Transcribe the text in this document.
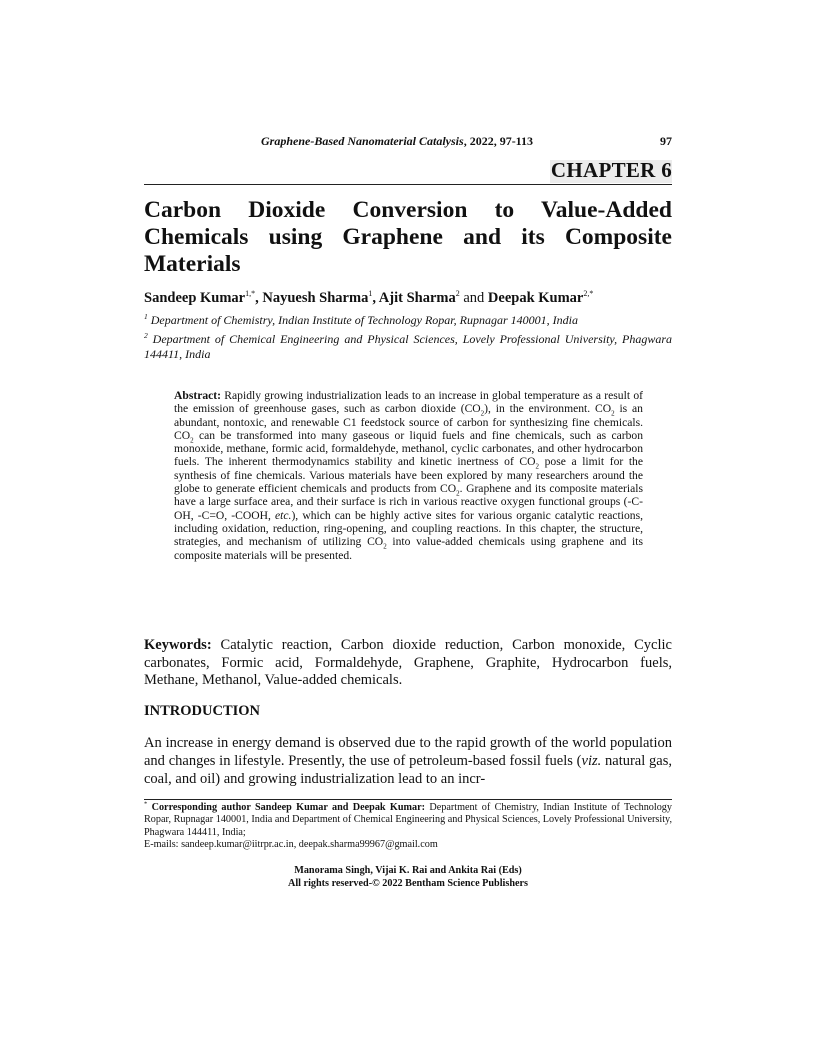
Graphene-Based Nanomaterial Catalysis, 2022, 97-113	97
CHAPTER 6
Carbon Dioxide Conversion to Value-Added Chemicals using Graphene and its Composite Materials
Sandeep Kumar$^{1,*}$, Nayuesh Sharma$^1$, Ajit Sharma$^2$ and Deepak Kumar$^{2,*}$
$^1$ Department of Chemistry, Indian Institute of Technology Ropar, Rupnagar 140001, India
$^2$ Department of Chemical Engineering and Physical Sciences, Lovely Professional University, Phagwara 144411, India
Abstract: Rapidly growing industrialization leads to an increase in global temperature as a result of the emission of greenhouse gases, such as carbon dioxide $(CO_2)$, in the environment. $CO_2$ is an abundant, nontoxic, and renewable C1 feedstock source of carbon for synthesizing fine chemicals. $CO_2$ can be transformed into many gaseous or liquid fuels and fine chemicals, such as carbon monoxide, methane, formic acid, formaldehyde, methanol, cyclic carbonates, and other hydrocarbon fuels. The inherent thermodynamics stability and kinetic inertness of $CO_2$ pose a limit for the synthesis of fine chemicals. Various materials have been explored by many researchers around the globe to generate efficient chemicals and products from $CO_2$. Graphene and its composite materials have a large surface area, and their surface is rich in various reactive oxygen functional groups (-C-OH, -C=O, -COOH, etc.), which can be highly active sites for various organic catalytic reactions, including oxidation, reduction, ring-opening, and coupling reactions. In this chapter, the structure, strategies, and mechanism of utilizing $CO_2$ into value-added chemicals using graphene and its composite materials will be presented.
Keywords: Catalytic reaction, Carbon dioxide reduction, Carbon monoxide, Cyclic carbonates, Formic acid, Formaldehyde, Graphene, Graphite, Hydrocarbon fuels, Methane, Methanol, Value-added chemicals.
INTRODUCTION
An increase in energy demand is observed due to the rapid growth of the world population and changes in lifestyle. Presently, the use of petroleum-based fossil fuels (viz. natural gas, coal, and oil) and growing industrialization lead to an incr-
* Corresponding author Sandeep Kumar and Deepak Kumar: Department of Chemistry, Indian Institute of Technology Ropar, Rupnagar 140001, India and Department of Chemical Engineering and Physical Sciences, Lovely Professional University, Phagwara 144411, India;
E-mails: sandeep.kumar@iitrpr.ac.in, deepak.sharma99967@gmail.com
Manorama Singh, Vijai K. Rai and Ankita Rai (Eds)
All rights reserved-© 2022 Bentham Science Publishers
